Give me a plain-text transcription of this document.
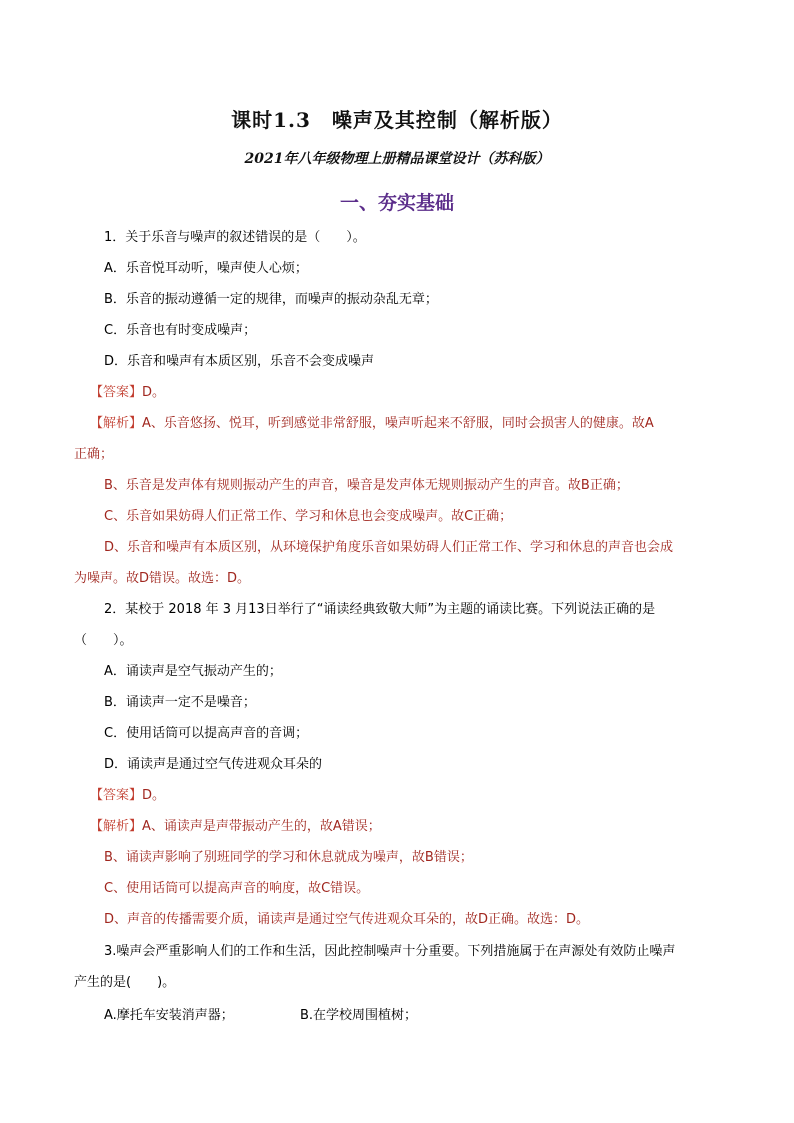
课时1.3　噪声及其控制（解析版）
2021年八年级物理上册精品课堂设计（苏科版）
一、夯实基础
1．关于乐音与噪声的叙述错误的是（　　）。
A．乐音悦耳动听，噪声使人心烦；
B．乐音的振动遵循一定的规律，而噪声的振动杂乱无章；
C．乐音也有时变成噪声；
D．乐音和噪声有本质区别，乐音不会变成噪声
【答案】D。
【解析】A、乐音悠扬、悦耳，听到感觉非常舒服，噪声听起来不舒服，同时会损害人的健康。故A
正确；
B、乐音是发声体有规则振动产生的声音，噪音是发声体无规则振动产生的声音。故B正确；
C、乐音如果妨碍人们正常工作、学习和休息也会变成噪声。故C正确；
D、乐音和噪声有本质区别，从环境保护角度乐音如果妨碍人们正常工作、学习和休息的声音也会成
为噪声。故D错误。故选：D。
2．某校于 2018 年 3 月13日举行了“诵读经典致敬大师”为主题的诵读比赛。下列说法正确的是
（　　）。
A．诵读声是空气振动产生的；
B．诵读声一定不是噪音；
C．使用话筒可以提高声音的音调；
D．诵读声是通过空气传进观众耳朵的
【答案】D。
【解析】A、诵读声是声带振动产生的，故A错误；
B、诵读声影响了别班同学的学习和休息就成为噪声，故B错误；
C、使用话筒可以提高声音的响度，故C错误。
D、声音的传播需要介质，诵读声是通过空气传进观众耳朵的，故D正确。故选：D。
3.噪声会严重影响人们的工作和生活，因此控制噪声十分重要。下列措施属于在声源处有效防止噪声
产生的是(　　)。
A.摩托车安装消声器；	B.在学校周围植树；
